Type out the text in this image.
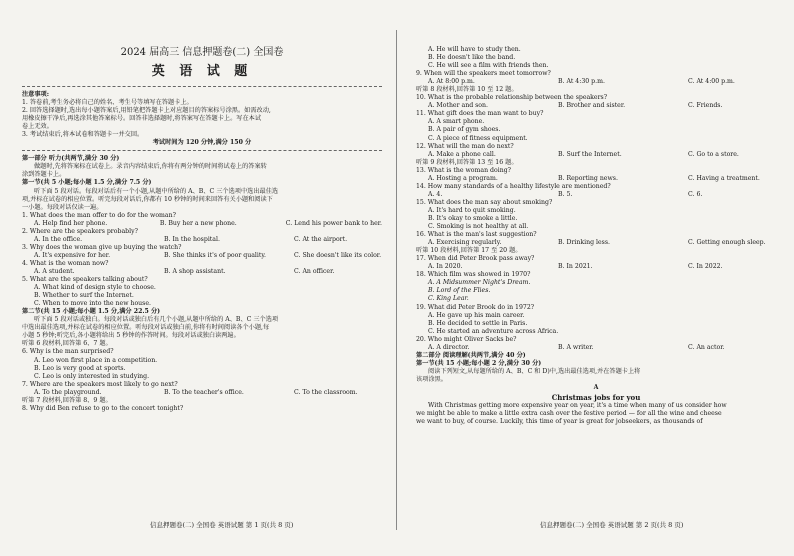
2024 届高三 信息押题卷(二) 全国卷
英 语 试 题
注意事项:
1. 答卷前,考生务必将自己的姓名、考生号等填写在答题卡上。
2. 回答选择题时,选出每小题答案后,用铅笔把答题卡上对应题目的答案标号涂黑。如需改动,
用橡皮擦干净后,再选涂其他答案标号。回答非选择题时,将答案写在答题卡上。写在本试
卷上无效。
3. 考试结束后,将本试卷和答题卡一并交回。
考试时间为 120 分钟,满分 150 分
第一部分 听力(共两节,满分 30 分)
做题时,先将答案标在试卷上。录音内容结束后,你将有两分钟的时间将试卷上的答案转
涂到答题卡上。
第一节(共 5 小题;每小题 1.5 分,满分 7.5 分)
听下面 5 段对话。每段对话后有一个小题,从题中所给的 A、B、C 三个选项中选出最佳选
项,并标在试卷的相应位置。听完每段对话后,你都有 10 秒钟的时间来回答有关小题和阅读下
一小题。每段对话仅读一遍。
1. What does the man offer to do for the woman?
A. Help find her phone.	B. Buy her a new phone.	C. Lend his power bank to her.
2. Where are the speakers probably?
A. In the office.	B. In the hospital.	C. At the airport.
3. Why does the woman give up buying the watch?
A. It's expensive for her.	B. She thinks it's of poor quality.	C. She doesn't like its color.
4. What is the woman now?
A. A student.	B. A shop assistant.	C. An officer.
5. What are the speakers talking about?
A. What kind of design style to choose.
B. Whether to surf the Internet.
C. When to move into the new house.
第二节(共 15 小题;每小题 1.5 分,满分 22.5 分)
听下面 5 段对话或独白。每段对话或独白后有几个小题,从题中所给的 A、B、C 三个选项
中选出最佳选项,并标在试卷的相应位置。听每段对话或独白前,你将有时间阅读各个小题,每
小题 5 秒钟;听完后,各小题将给出 5 秒钟的作答时间。每段对话或独白读两遍。
听第 6 段材料,回答第 6、7 题。
6. Why is the man surprised?
A. Leo won first place in a competition.
B. Leo is very good at sports.
C. Leo is only interested in studying.
7. Where are the speakers most likely to go next?
A. To the playground.	B. To the teacher's office.	C. To the classroom.
听第 7 段材料,回答第 8、9 题。
8. Why did Ben refuse to go to the concert tonight?
A. He will have to study then.
B. He doesn't like the band.
C. He will see a film with friends then.
9. When will the speakers meet tomorrow?
A. At 8:00 p.m.	B. At 4:30 p.m.	C. At 4:00 p.m.
听第 8 段材料,回答第 10 至 12 题。
10. What is the probable relationship between the speakers?
A. Mother and son.	B. Brother and sister.	C. Friends.
11. What gift does the man want to buy?
A. A smart phone.
B. A pair of gym shoes.
C. A piece of fitness equipment.
12. What will the man do next?
A. Make a phone call.	B. Surf the Internet.	C. Go to a store.
听第 9 段材料,回答第 13 至 16 题。
13. What is the woman doing?
A. Hosting a program.	B. Reporting news.	C. Having a treatment.
14. How many standards of a healthy lifestyle are mentioned?
A. 4.	B. 5.	C. 6.
15. What does the man say about smoking?
A. It's hard to quit smoking.
B. It's okay to smoke a little.
C. Smoking is not healthy at all.
16. What is the man's last suggestion?
A. Exercising regularly.	B. Drinking less.	C. Getting enough sleep.
听第 10 段材料,回答第 17 至 20 题。
17. When did Peter Brook pass away?
A. In 2020.	B. In 2021.	C. In 2022.
18. Which film was showed in 1970?
A. A Midsummer Night's Dream.
B. Lord of the Flies.
C. King Lear.
19. What did Peter Brook do in 1972?
A. He gave up his main career.
B. He decided to settle in Paris.
C. He started an adventure across Africa.
20. Who might Oliver Sacks be?
A. A director.	B. A writer.	C. An actor.
第二部分 阅读理解(共两节,满分 40 分)
第一节(共 15 小题;每小题 2 分,满分 30 分)
阅读下列短文,从每题所给的 A、B、C 和 D)中,选出最佳选项,并在答题卡上将
该项涂黑。
A
Christmas jobs for you
With Christmas getting more expensive year on year, it's a time when many of us consider how
we might be able to make a little extra cash over the festive period — for all the wine and cheese
we want to buy, of course. Luckily, this time of year is great for jobseekers, as thousands of
信息押题卷(二) 全国卷 英语试题 第 1 页(共 8 页)	信息押题卷(二) 全国卷 英语试题 第 2 页(共 8 页)
